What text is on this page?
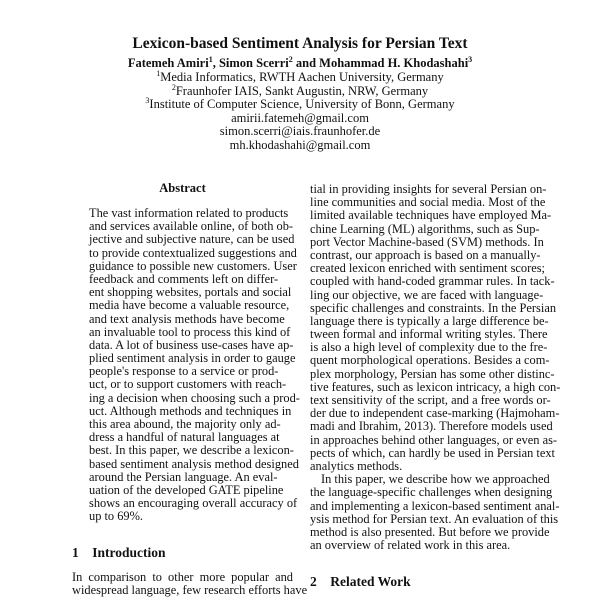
Lexicon-based Sentiment Analysis for Persian Text
Fatemeh Amiri$^1$, Simon Scerri$^2$ and Mohammad H. Khodashahi$^3$
$^1$Media Informatics, RWTH Aachen University, Germany
$^2$Fraunhofer IAIS, Sankt Augustin, NRW, Germany
$^3$Institute of Computer Science, University of Bonn, Germany
amirii.fatemeh@gmail.com
simon.scerri@iais.fraunhofer.de
mh.khodashahi@gmail.com
Abstract
The vast information related to products
and services available online, of both ob-
jective and subjective nature, can be used
to provide contextualized suggestions and
guidance to possible new customers. User
feedback and comments left on differ-
ent shopping websites, portals and social
media have become a valuable resource,
and text analysis methods have become
an invaluable tool to process this kind of
data. A lot of business use-cases have ap-
plied sentiment analysis in order to gauge
people's response to a service or prod-
uct, or to support customers with reach-
ing a decision when choosing such a prod-
uct. Although methods and techniques in
this area abound, the majority only ad-
dress a handful of natural languages at
best. In this paper, we describe a lexicon-
based sentiment analysis method designed
around the Persian language. An eval-
uation of the developed GATE pipeline
shows an encouraging overall accuracy of
up to 69%.
1 Introduction
In comparison to other more popular and
widespread language, few research efforts have
tial in providing insights for several Persian on-
line communities and social media. Most of the
limited available techniques have employed Ma-
chine Learning (ML) algorithms, such as Sup-
port Vector Machine-based (SVM) methods. In
contrast, our approach is based on a manually-
created lexicon enriched with sentiment scores;
coupled with hand-coded grammar rules. In tack-
ling our objective, we are faced with language-
specific challenges and constraints. In the Persian
language there is typically a large difference be-
tween formal and informal writing styles. There
is also a high level of complexity due to the fre-
quent morphological operations. Besides a com-
plex morphology, Persian has some other distinc-
tive features, such as lexicon intricacy, a high con-
text sensitivity of the script, and a free words or-
der due to independent case-marking (Hajmoham-
madi and Ibrahim, 2013). Therefore models used
in approaches behind other languages, or even as-
pects of which, can hardly be used in Persian text
analytics methods.
In this paper, we describe how we approached
the language-specific challenges when designing
and implementing a lexicon-based sentiment anal-
ysis method for Persian text. An evaluation of this
method is also presented. But before we provide
an overview of related work in this area.
2 Related Work
